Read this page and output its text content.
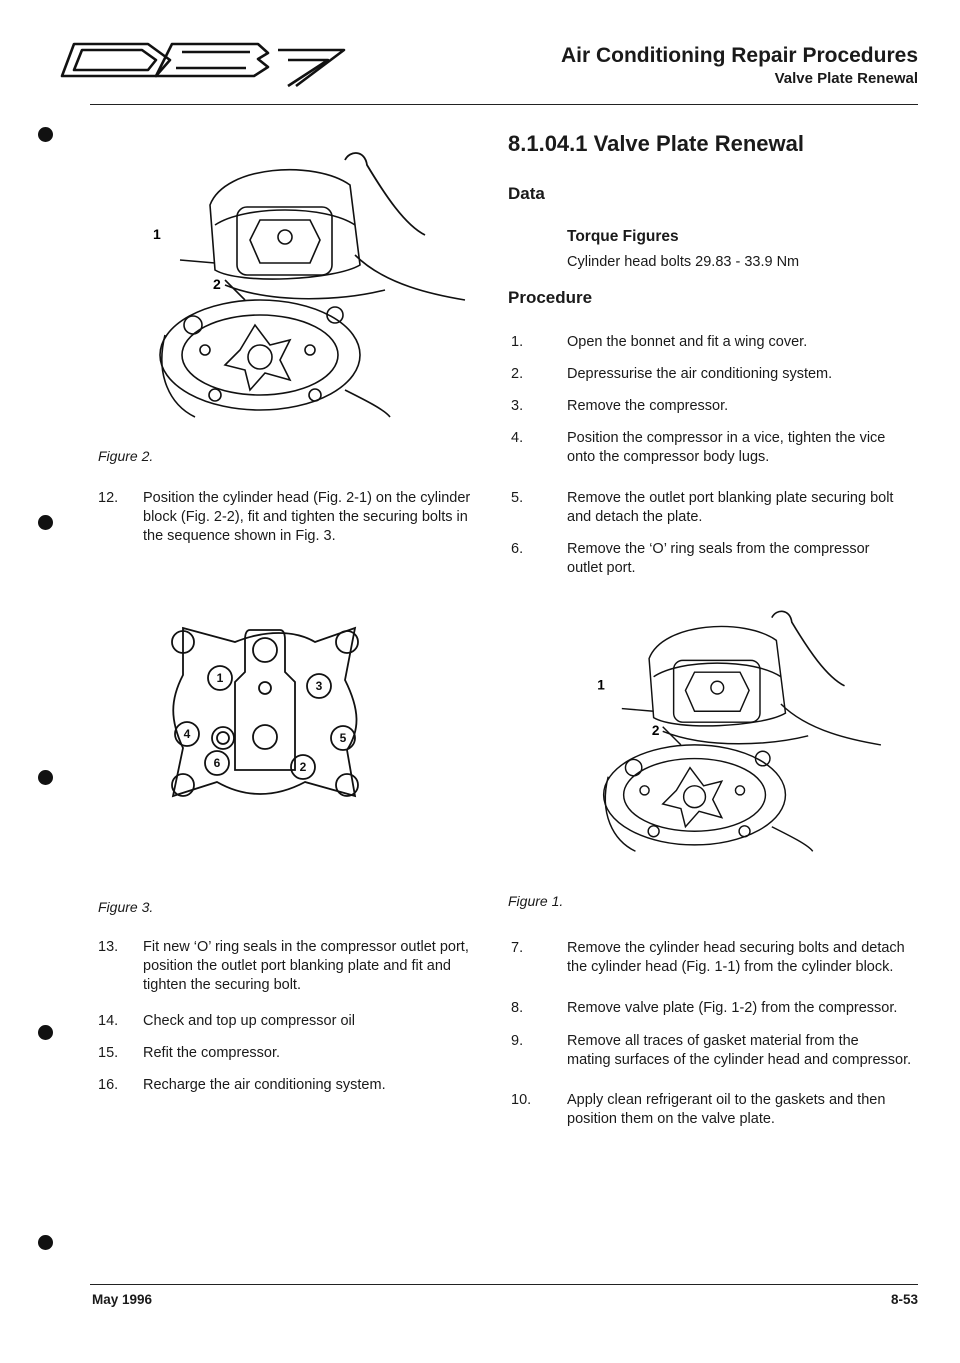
Air Conditioning Repair Procedures
Valve Plate Renewal
1
2
Figure 2.
12. Position the cylinder head (Fig. 2-1) on the cylinder
block (Fig. 2-2), fit and tighten the securing bolts in
the sequence shown in Fig. 3.
1
2
3
4	5
6
Figure 3.
13. Fit new ‘O’ ring seals in the compressor outlet port,
position the outlet port blanking plate and fit and
tighten the securing bolt.
14. Check and top up compressor oil
15. Refit the compressor.
16. Recharge the air conditioning system.
8.1.04.1 Valve Plate Renewal
Data
Torque Figures
Cylinder head bolts 29.83 - 33.9 Nm
Procedure
1.	Open the bonnet and fit a wing cover.
2.	Depressurise the air conditioning system.
3.	Remove the compressor.
4.	Position the compressor in a vice, tighten the vice
onto the compressor body lugs.
5.	Remove the outlet port blanking plate securing bolt
and detach the plate.
6.	Remove the ‘O’ ring seals from the compressor
outlet port.
1
2
Figure 1.
7.	Remove the cylinder head securing bolts and detach
the cylinder head (Fig. 1-1) from the cylinder block.
8.	Remove valve plate (Fig. 1-2) from the compressor.
9.	Remove all traces of gasket material from the
mating surfaces of the cylinder head and compressor.
10. Apply clean refrigerant oil to the gaskets and then
position them on the valve plate.
May 1996	8-53
